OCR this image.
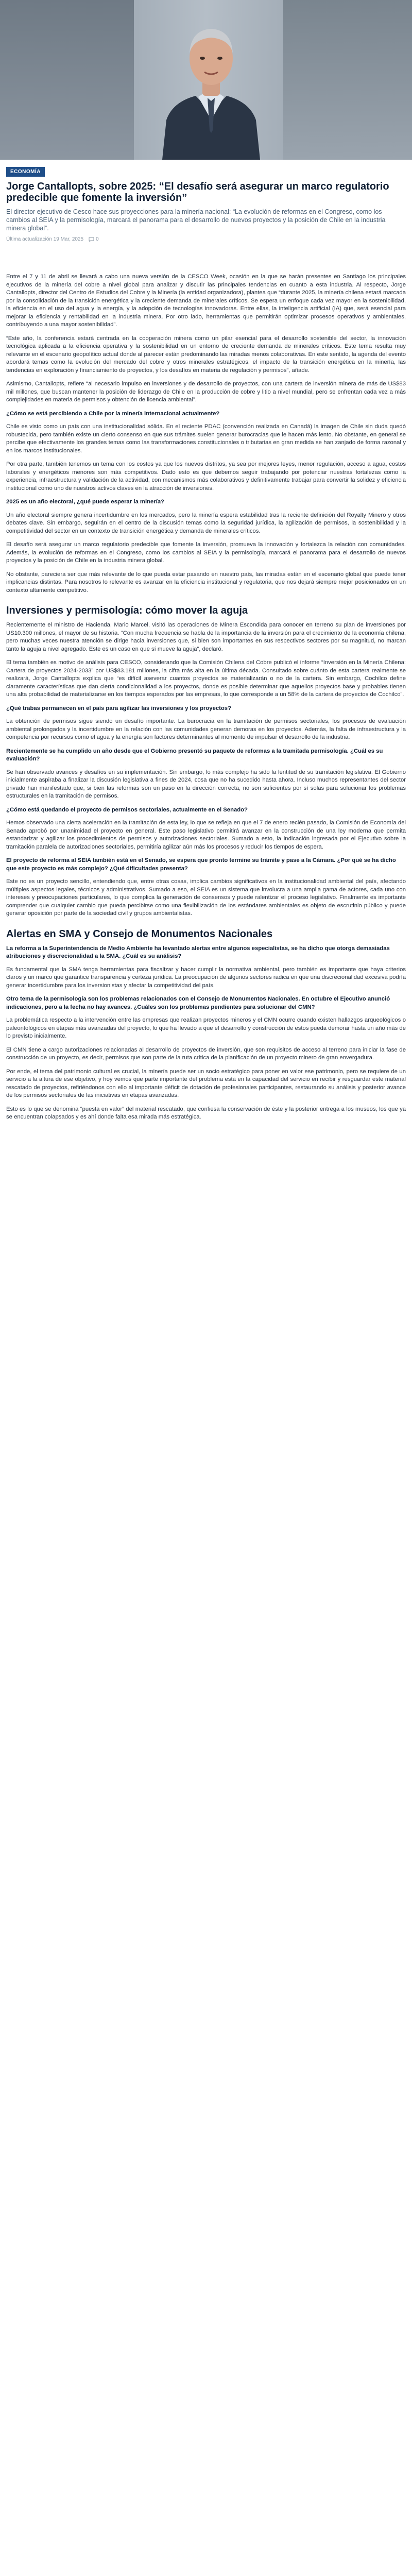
ECONOMÍA
Jorge Cantallopts, sobre 2025: “El desafío será asegurar un marco regulatorio predecible que fomente la inversión”

El director ejecutivo de Cesco hace sus proyecciones para la minería nacional: “La evolución de reformas en el Congreso, como los cambios al SEIA y la permisología, marcará el panorama para el desarrollo de nuevos proyectos y la posición de Chile en la industria minera global”.

Última actualización 19 Mar, 2025 0

Entre el 7 y 11 de abril se llevará a cabo una nueva versión de la CESCO Week, ocasión en la que se harán presentes en Santiago los principales ejecutivos de la minería del cobre a nivel global para analizar y discutir las principales tendencias en cuanto a esta industria. Al respecto, Jorge Cantallopts, director del Centro de Estudios del Cobre y la Minería (la entidad organizadora), plantea que “durante 2025, la minería chilena estará marcada por la consolidación de la transición energética y la creciente demanda de minerales críticos. Se espera un enfoque cada vez mayor en la sostenibilidad, la eficiencia en el uso del agua y la energía, y la adopción de tecnologías innovadoras. Entre ellas, la inteligencia artificial (IA) que, será esencial para mejorar la eficiencia y rentabilidad en la industria minera. Por otro lado, herramientas que permitirán optimizar procesos operativos y ambientales, contribuyendo a una mayor sostenibilidad”.

“Este año, la conferencia estará centrada en la cooperación minera como un pilar esencial para el desarrollo sostenible del sector, la innovación tecnológica aplicada a la eficiencia operativa y la sostenibilidad en un entorno de creciente demanda de minerales críticos. Este tema resulta muy relevante en el escenario geopolítico actual donde al parecer están predominando las miradas menos colaborativas. En este sentido, la agenda del evento abordará temas como la evolución del mercado del cobre y otros minerales estratégicos, el impacto de la transición energética en la minería, las tendencias en exploración y financiamiento de proyectos, y los desafíos en materia de regulación y permisos”, añade.

Asimismo, Cantallopts, refiere “al necesario impulso en inversiones y de desarrollo de proyectos, con una cartera de inversión minera de más de US$83 mil millones, que buscan mantener la posición de liderazgo de Chile en la producción de cobre y litio a nivel mundial, pero se enfrentan cada vez a más complejidades en materia de permisos y obtención de licencia ambiental”.

¿Cómo se está percibiendo a Chile por la minería internacional actualmente?

Chile es visto como un país con una institucionalidad sólida. En el reciente PDAC (convención realizada en Canadá) la imagen de Chile sin duda quedó robustecida, pero también existe un cierto consenso en que sus trámites suelen generar burocracias que le hacen más lento. No obstante, en general se percibe que efectivamente los grandes temas como las transformaciones constitucionales o tributarias en gran medida se han zanjado de forma razonal y en los marcos institucionales.

Por otra parte, también tenemos un tema con los costos ya que los nuevos distritos, ya sea por mejores leyes, menor regulación, acceso a agua, costos laborales y energéticos menores son más competitivos. Dado esto es que debemos seguir trabajando por potenciar nuestras fortalezas como la experiencia, infraestructura y validación de la actividad, con mecanismos más colaborativos y definitivamente trabajar para convertir la solidez y eficiencia institucional como uno de nuestros activos claves en la atracción de inversiones.

2025 es un año electoral, ¿qué puede esperar la minería?

Un año electoral siempre genera incertidumbre en los mercados, pero la minería espera estabilidad tras la reciente definición del Royalty Minero y otros debates clave. Sin embargo, seguirán en el centro de la discusión temas como la seguridad jurídica, la agilización de permisos, la sostenibilidad y la competitividad del sector en un contexto de transición energética y demanda de minerales críticos.

El desafío será asegurar un marco regulatorio predecible que fomente la inversión, promueva la innovación y fortalezca la relación con comunidades. Además, la evolución de reformas en el Congreso, como los cambios al SEIA y la permisología, marcará el panorama para el desarrollo de nuevos proyectos y la posición de Chile en la industria minera global.

No obstante, pareciera ser que más relevante de lo que pueda estar pasando en nuestro país, las miradas están en el escenario global que puede tener implicancias distintas. Para nosotros lo relevante es avanzar en la eficiencia institucional y regulatoria, que nos dejará siempre mejor posicionados en un contexto altamente competitivo.

Inversiones y permisología: cómo mover la aguja

Recientemente el ministro de Hacienda, Mario Marcel, visitó las operaciones de Minera Escondida para conocer en terreno su plan de inversiones por US10.300 millones, el mayor de su historia. “Con mucha frecuencia se habla de la importancia de la inversión para el crecimiento de la economía chilena, pero muchas veces nuestra atención se dirige hacia inversiones que, si bien son importantes en sus respectivos sectores por su magnitud, no marcan tanto la aguja a nivel agregado. Este es un caso en que sí mueve la aguja”, declaró.

El tema también es motivo de análisis para CESCO, considerando que la Comisión Chilena del Cobre publicó el informe “Inversión en la Minería Chilena: Cartera de proyectos 2024-2033” por US$83.181 millones, la cifra más alta en la última década. Consultado sobre cuánto de esta cartera realmente se realizará, Jorge Cantallopts explica que “es difícil aseverar cuantos proyectos se materializarán o no de la cartera. Sin embargo, Cochilco define claramente características que dan cierta condicionalidad a los proyectos, donde es posible determinar que aquellos proyectos base y probables tienen una alta probabilidad de materializarse en los tiempos esperados por las empresas, lo que corresponde a un 58% de la cartera de proyectos de Cochilco”.

¿Qué trabas permanecen en el país para agilizar las inversiones y los proyectos?

La obtención de permisos sigue siendo un desafío importante. La burocracia en la tramitación de permisos sectoriales, los procesos de evaluación ambiental prolongados y la incertidumbre en la relación con las comunidades generan demoras en los proyectos. Además, la falta de infraestructura y la competencia por recursos como el agua y la energía son factores determinantes al momento de impulsar el desarrollo de la industria.

Recientemente se ha cumplido un año desde que el Gobierno presentó su paquete de reformas a la tramitada permisología. ¿Cuál es su evaluación?

Se han observado avances y desafíos en su implementación. Sin embargo, lo más complejo ha sido la lentitud de su tramitación legislativa. El Gobierno inicialmente aspiraba a finalizar la discusión legislativa a fines de 2024, cosa que no ha sucedido hasta ahora. Incluso muchos representantes del sector privado han manifestado que, si bien las reformas son un paso en la dirección correcta, no son suficientes por sí solas para solucionar los problemas estructurales en la tramitación de permisos.

¿Cómo está quedando el proyecto de permisos sectoriales, actualmente en el Senado?

Hemos observado una cierta aceleración en la tramitación de esta ley, lo que se refleja en que el 7 de enero recién pasado, la Comisión de Economía del Senado aprobó por unanimidad el proyecto en general. Este paso legislativo permitirá avanzar en la construcción de una ley moderna que permita estandarizar y agilizar los procedimientos de permisos y autorizaciones sectoriales. Sumado a esto, la indicación ingresada por el Ejecutivo sobre la tramitación paralela de autorizaciones sectoriales, permitiría agilizar aún más los procesos y reducir los tiempos de espera.

El proyecto de reforma al SEIA también está en el Senado, se espera que pronto termine su trámite y pase a la Cámara. ¿Por qué se ha dicho que este proyecto es más complejo? ¿Qué dificultades presenta?

Este no es un proyecto sencillo, entendiendo que, entre otras cosas, implica cambios significativos en la institucionalidad ambiental del país, afectando múltiples aspectos legales, técnicos y administrativos. Sumado a eso, el SEIA es un sistema que involucra a una amplia gama de actores, cada uno con intereses y preocupaciones particulares, lo que complica la generación de consensos y puede ralentizar el proceso legislativo. Finalmente es importante comprender que cualquier cambio que pueda percibirse como una flexibilización de los estándares ambientales es objeto de escrutinio público y puede generar oposición por parte de la sociedad civil y grupos ambientalistas.

Alertas en SMA y Consejo de Monumentos Nacionales

La reforma a la Superintendencia de Medio Ambiente ha levantado alertas entre algunos especialistas, se ha dicho que otorga demasiadas atribuciones y discrecionalidad a la SMA. ¿Cuál es su análisis?

Es fundamental que la SMA tenga herramientas para fiscalizar y hacer cumplir la normativa ambiental, pero también es importante que haya criterios claros y un marco que garantice transparencia y certeza jurídica. La preocupación de algunos sectores radica en que una discrecionalidad excesiva podría generar incertidumbre para los inversionistas y afectar la competitividad del país.

Otro tema de la permisología son los problemas relacionados con el Consejo de Monumentos Nacionales. En octubre el Ejecutivo anunció indicaciones, pero a la fecha no hay avances. ¿Cuáles son los problemas pendientes para solucionar del CMN?

La problemática respecto a la intervención entre las empresas que realizan proyectos mineros y el CMN ocurre cuando existen hallazgos arqueológicos o paleontológicos en etapas más avanzadas del proyecto, lo que ha llevado a que el desarrollo y construcción de estos pueda demorar hasta un año más de lo previsto inicialmente.

El CMN tiene a cargo autorizaciones relacionadas al desarrollo de proyectos de inversión, que son requisitos de acceso al terreno para iniciar la fase de construcción de un proyecto, es decir, permisos que son parte de la ruta crítica de la planificación de un proyecto minero de gran envergadura.

Por ende, el tema del patrimonio cultural es crucial, la minería puede ser un socio estratégico para poner en valor ese patrimonio, pero se requiere de un servicio a la altura de ese objetivo, y hoy vemos que parte importante del problema está en la capacidad del servicio en recibir y resguardar este material rescatado de proyectos, refiriéndonos con ello al importante déficit de dotación de profesionales participantes, restaurando su análisis y posterior avance de los permisos sectoriales de las iniciativas en etapas avanzadas.

Esto es lo que se denomina “puesta en valor” del material rescatado, que confiesa la conservación de éste y la posterior entrega a los museos, los que ya se encuentran colapsados y es ahí donde falta esa mirada más estratégica.
